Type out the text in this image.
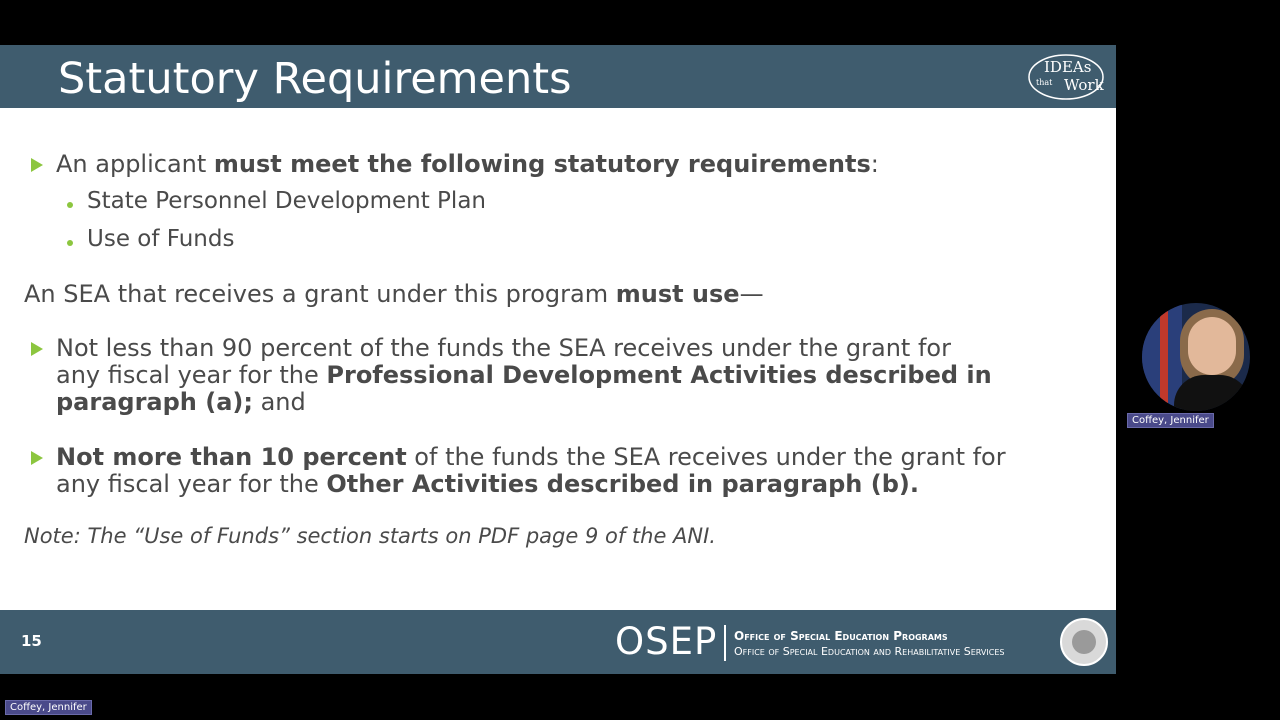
Statutory Requirements	IDEAs
that Work
An applicant must meet the following statutory requirements:
State Personnel Development Plan
Use of Funds
An SEA that receives a grant under this program must use—
Not less than 90 percent of the funds the SEA receives under the grant for
any fiscal year for the Professional Development Activities described in
paragraph (a); and
Not more than 10 percent of the funds the SEA receives under the grant for
any fiscal year for the Other Activities described in paragraph (b).
Note: The “Use of Funds” section starts on PDF page 9 of the ANI.
15	OSEP Office of Special Education Programs
Office of Special Education and Rehabilitative Services
Coffey, Jennifer
Coffey, Jennifer
